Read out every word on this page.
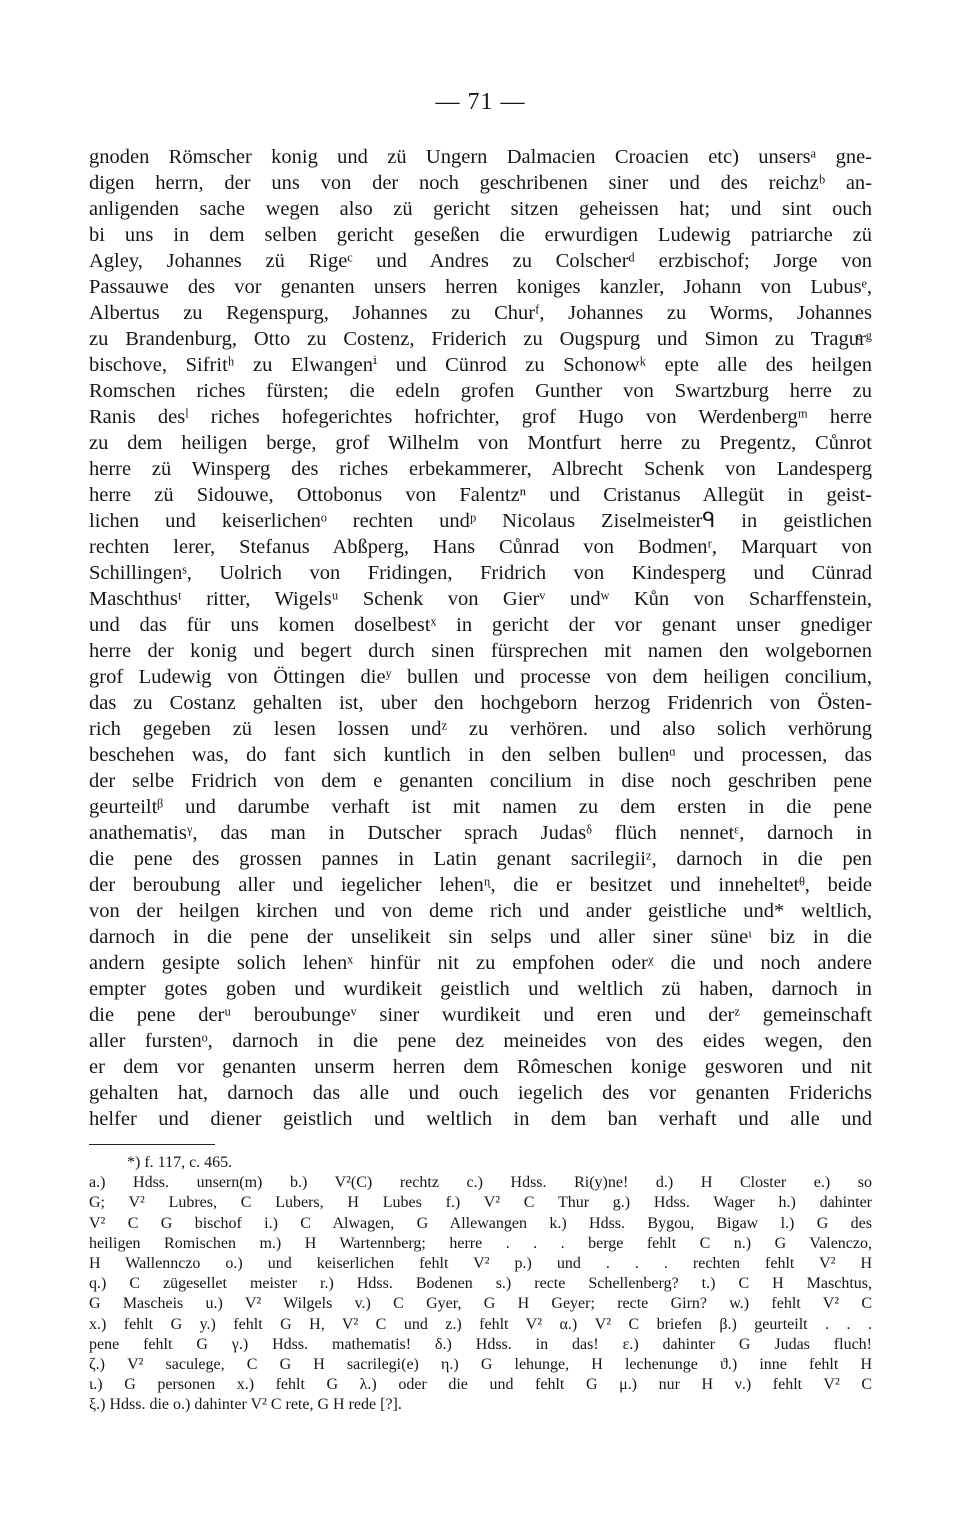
— 71 —
gnoden Römscher konig und zü Ungern Dalmacien Croacien etc) unsersᵃ gne-
digen herrn, der uns von der noch geschribenen siner und des reichzᵇ an-
anligenden sache wegen also zü gericht sitzen geheissen hat; und sint ouch
bi uns in dem selben gericht geseßen die erwurdigen Ludewig patriarche zü
Agley, Johannes zü Rigeᶜ und Andres zu Colscherᵈ erzbischof; Jorge von
Passauwe des vor genanten unsers herren koniges kanzler, Johann von Lubusᵉ,
Albertus zu Regenspurg, Johannes zu Churᶠ, Johannes zu Worms, Johannes
zu Brandenburg, Otto zu Costenz, Friderich zu Ougspurg und Simon zu Traguͤrᵍ
bischove, Sifritʰ zu Elwangenⁱ und Cünrod zu Schonowᵏ epte alle des heilgen
Romschen riches fürsten; die edeln grofen Gunther von Swartzburg herre zu
Ranis desˡ riches hofegerichtes hofrichter, grof Hugo von Werdenbergᵐ herre
zu dem heiligen berge, grof Wilhelm von Montfurt herre zu Pregentz, Cůnrot
herre zü Winsperg des riches erbekammerer, Albrecht Schenk von Landesperg
herre zü Sidouwe, Ottobonus von Falentzⁿ und Cristanus Allegüt in geist-
lichen und keiserlichenᵒ rechten undᵖ Nicolaus Ziselmeisterᑫ in geistlichen
rechten lerer, Stefanus Abßperg, Hans Cůnrad von Bodmenʳ, Marquart von
Schillingenˢ, Uolrich von Fridingen, Fridrich von Kindesperg und Cünrad
Maschthusᵗ ritter, Wigelsᵘ Schenk von Gierᵛ undʷ Kůn von Scharffenstein,
und das für uns komen doselbestˣ in gericht der vor genant unser gnediger
herre der konig und begert durch sinen fürsprechen mit namen den wolgebornen
grof Ludewig von Öttingen dieʸ bullen und processe von dem heiligen concilium,
das zu Costanz gehalten ist, uber den hochgeborn herzog Fridenrich von Östen-
rich gegeben zü lesen lossen undᶻ zu verhören. und also solich verhörung
beschehen was, do fant sich kuntlich in den selben bullenᵅ und processen, das
der selbe Fridrich von dem e genanten concilium in dise noch geschriben pene
geurteiltᵝ und darumbe verhaft ist mit namen zu dem ersten in die pene
anathematisᵞ, das man in Dutscher sprach Judasᵟ flüch nennetᵋ, darnoch in
die pene des grossen pannes in Latin genant sacrilegiiᶻ, darnoch in die pen
der beroubung aller und iegelicher lehenᶯ, die er besitzet und inneheltetᶿ, beide
von der heilgen kirchen und von deme rich und ander geistliche und* weltlich,
darnoch in die pene der unselikeit sin selps und aller siner süneᶥ biz in die
andern gesipte solich lehenˣ hinfür nit zu empfohen oderᵡ die und noch andere
empter gotes goben und wurdikeit geistlich und weltlich zü haben, darnoch in
die pene derᵘ beroubungeᵛ siner wurdikeit und eren und derᶻ gemeinschaft
aller furstenᵒ, darnoch in die pene dez meineides von des eides wegen, den
er dem vor genanten unserm herren dem Rômeschen konige gesworen und nit
gehalten hat, darnoch das alle und ouch iegelich des vor genanten Friderichs
helfer und diener geistlich und weltlich in dem ban verhaft und alle und
*) f. 117, c. 465.
a.) Hdss. unsern(m) b.) V²(C) rechtz c.) Hdss. Ri(y)ne! d.) H Closter e.) so
G; V² Lubres, C Lubers, H Lubes f.) V² C Thur g.) Hdss. Wager h.) dahinter
V² C G bischof i.) C Alwagen, G Allewangen k.) Hdss. Bygou, Bigaw l.) G des
heiligen Romischen m.) H Wartennberg; herre . . . berge fehlt C n.) G Valenczo,
H Wallennczo o.) und keiserlichen fehlt V² p.) und . . . rechten fehlt V² H
q.) C zügesellet meister r.) Hdss. Bodenen s.) recte Schellenberg? t.) C H Maschtus,
G Mascheis u.) V² Wilgels v.) C Gyer, G H Geyer; recte Girn? w.) fehlt V² C
x.) fehlt G y.) fehlt G H, V² C und z.) fehlt V² α.) V² C briefen β.) geurteilt . . .
pene fehlt G γ.) Hdss. mathematis! δ.) Hdss. in das! ε.) dahinter G Judas fluch!
ζ.) V² saculege, C G H sacrilegi(e) η.) G lehunge, H lechenunge ϑ.) inne fehlt H
ι.) G personen x.) fehlt G λ.) oder die und fehlt G μ.) nur H ν.) fehlt V² C
ξ.) Hdss. die o.) dahinter V² C rete, G H rede [?].
